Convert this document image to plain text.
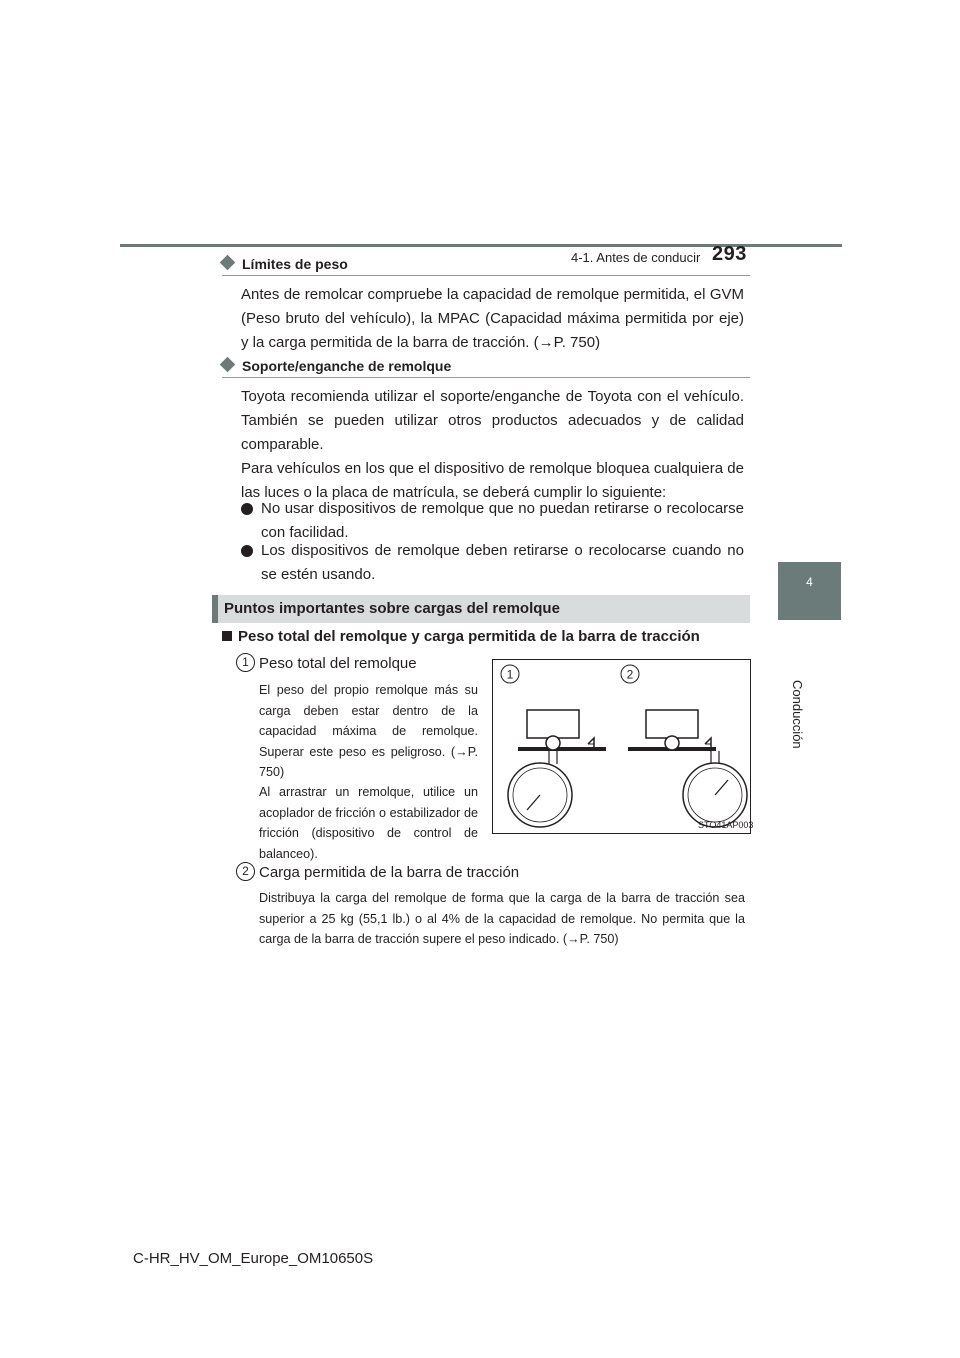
4-1. Antes de conducir 293
4
Conducción
Límites de peso
Antes de remolcar compruebe la capacidad de remolque permitida, el GVM (Peso bruto del vehículo), la MPAC (Capacidad máxima permitida por eje) y la carga permitida de la barra de tracción. (→P. 750)
Soporte/enganche de remolque
Toyota recomienda utilizar el soporte/enganche de Toyota con el vehículo. También se pueden utilizar otros productos adecuados y de calidad comparable.
Para vehículos en los que el dispositivo de remolque bloquea cualquiera de las luces o la placa de matrícula, se deberá cumplir lo siguiente:
No usar dispositivos de remolque que no puedan retirarse o recolocarse con facilidad.
Los dispositivos de remolque deben retirarse o recolocarse cuando no se estén usando.
Puntos importantes sobre cargas del remolque
Peso total del remolque y carga permitida de la barra de tracción
1 Peso total del remolque
El peso del propio remolque más su carga deben estar dentro de la capacidad máxima de remolque. Superar este peso es peligroso. (→P. 750)
Al arrastrar un remolque, utilice un acoplador de fricción o estabilizador de fricción (dispositivo de control de balanceo).
1	2
STO41AP003
2 Carga permitida de la barra de tracción
Distribuya la carga del remolque de forma que la carga de la barra de tracción sea superior a 25 kg (55,1 lb.) o al 4% de la capacidad de remolque. No permita que la carga de la barra de tracción supere el peso indicado. (→P. 750)
C-HR_HV_OM_Europe_OM10650S
